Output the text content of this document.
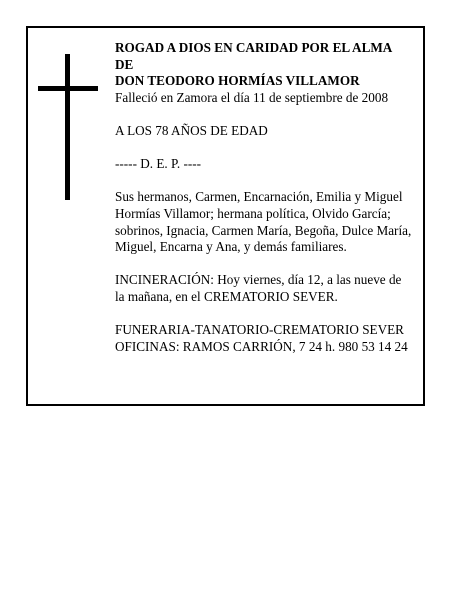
ROGAD A DIOS EN CARIDAD POR EL ALMA

DE

DON TEODORO HORMÍAS VILLAMOR

Falleció en Zamora el día 11 de septiembre de 2008

A LOS 78 AÑOS DE EDAD

----- D. E. P. ----

Sus hermanos, Carmen, Encarnación, Emilia y Miguel

Hormías Villamor; hermana política, Olvido García;

sobrinos, Ignacia, Carmen María, Begoña, Dulce María,

Miguel, Encarna y Ana, y demás familiares.

INCINERACIÓN: Hoy viernes, día 12, a las nueve de

la mañana, en el CREMATORIO SEVER.

FUNERARIA-TANATORIO-CREMATORIO SEVER

OFICINAS: RAMOS CARRIÓN, 7 24 h. 980 53 14 24
